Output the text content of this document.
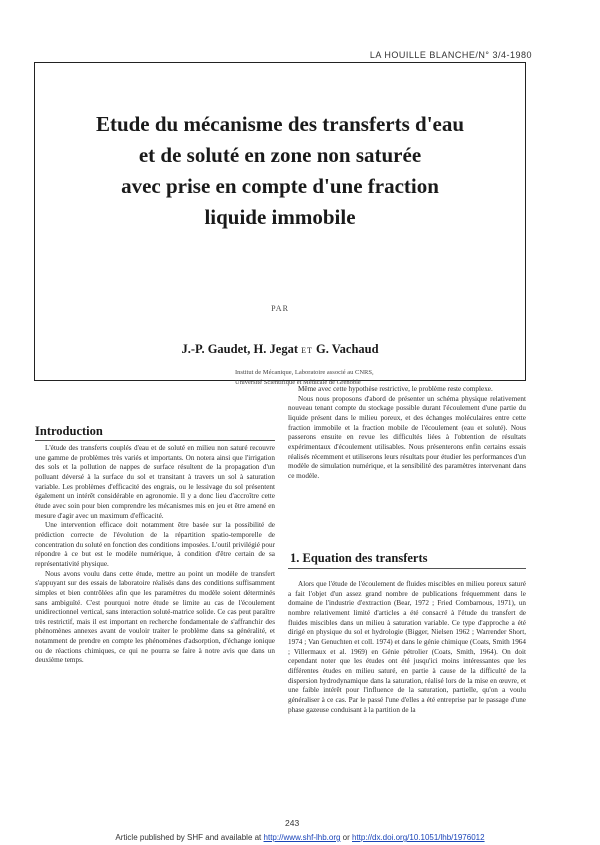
LA HOUILLE BLANCHE/N° 3/4-1980
Etude du mécanisme des transferts d'eau
et de soluté en zone non saturée
avec prise en compte d'une fraction
liquide immobile
PAR
J.-P. Gaudet, H. Jegat ET G. Vachaud
Institut de Mécanique, Laboratoire associé au CNRS,
Université Scientifique et Médicale de Grenoble
Introduction

L'étude des transferts couplés d'eau et de soluté en milieu non saturé recouvre une gamme de problèmes très variés et importants. On notera ainsi que l'irrigation des sols et la pollution de nappes de surface résultent de la propagation d'un polluant déversé à la surface du sol et transitant à travers un sol à saturation variable. Les problèmes d'efficacité des engrais, ou le lessivage du sol présentent également un intérêt considérable en agronomie. Il y a donc lieu d'accroître cette étude avec soin pour bien comprendre les mécanismes mis en jeu et être amené en mesure d'agir avec un maximum d'efficacité.

Une intervention efficace doit notamment être basée sur la possibilité de prédiction correcte de l'évolution de la répartition spatio-temporelle de concentration du soluté en fonction des conditions imposées. L'outil privilégié pour répondre à ce but est le modèle numérique, à condition d'être certain de sa représentativité physique.

Nous avons voulu dans cette étude, mettre au point un modèle de transfert s'appuyant sur des essais de laboratoire réalisés dans des conditions suffisamment simples et bien contrôlées afin que les paramètres du modèle soient déterminés sans ambiguïté. C'est pourquoi notre étude se limite au cas de l'écoulement unidirectionnel vertical, sans interaction soluté-matrice solide. Ce cas peut paraître très restrictif, mais il est important en recherche fondamentale de s'affranchir des phénomènes annexes avant de vouloir traiter le problème dans sa généralité, et notamment de prendre en compte les phénomènes d'adsorption, d'échange ionique ou de réactions chimiques, ce qui ne pourra se faire à notre avis que dans un deuxième temps.

Même avec cette hypothèse restrictive, le problème reste complexe.

Nous nous proposons d'abord de présenter un schéma physique relativement nouveau tenant compte du stockage possible durant l'écoulement d'une partie du liquide présent dans le milieu poreux, et des échanges moléculaires entre cette fraction immobile et la fraction mobile de l'écoulement (eau et soluté). Nous passerons ensuite en revue les difficultés liées à l'obtention de résultats expérimentaux d'écoulement utilisables. Nous présenterons enfin certains essais réalisés récemment et utiliserons leurs résultats pour étudier les performances d'un modèle de simulation numérique, et la sensibilité des paramètres intervenant dans ce modèle.

1. Equation des transferts

Alors que l'étude de l'écoulement de fluides miscibles en milieu poreux saturé a fait l'objet d'un assez grand nombre de publications fréquemment dans le domaine de l'industrie d'extraction (Bear, 1972 ; Fried Combarnous, 1971), un nombre relativement limité d'articles a été consacré à l'étude du transfert de fluides miscibles dans un milieu à saturation variable. Ce type d'approche a été dirigé en physique du sol et hydrologie (Bigger, Nielsen 1962 ; Warrender Short, 1974 ; Van Genuchten et coll. 1974) et dans le génie chimique (Coats, Smith 1964 ; Villermaux et al. 1969) en Génie pétrolier (Coats, Smith, 1964). On doit cependant noter que les études ont été jusqu'ici moins intéressantes que les différentes études en milieu saturé, en partie à cause de la difficulté de la dispersion hydrodynamique dans la saturation, réalisé lors de la mise en œuvre, et une faible intérêt pour l'influence de la saturation, partielle, qu'on a voulu généraliser à ce cas. Par le passé l'une d'elles a été entreprise par le passage d'une phase gazeuse conduisant à la partition de la

243
Article published by SHF and available at http://www.shf-lhb.org or http://dx.doi.org/10.1051/lhb/1976012
